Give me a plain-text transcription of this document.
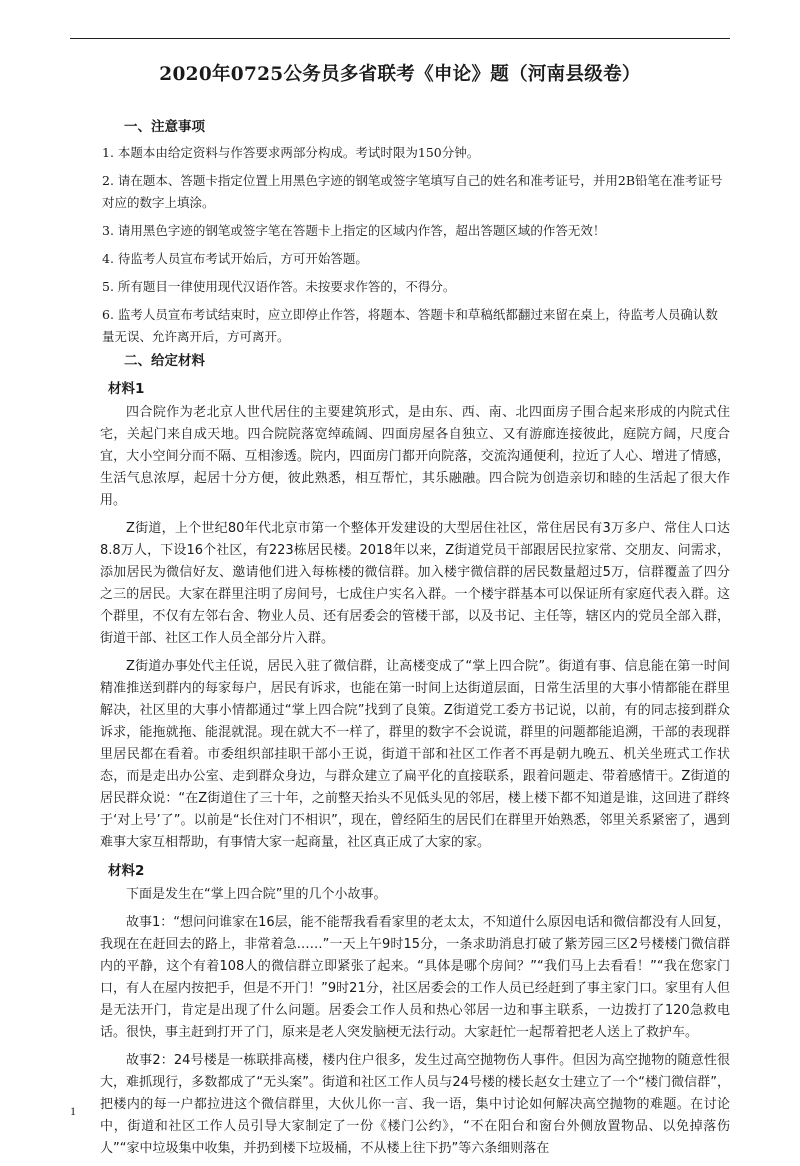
2020年0725公务员多省联考《申论》题（河南县级卷）

一、注意事项

1. 本题本由给定资料与作答要求两部分构成。考试时限为150分钟。

2. 请在题本、答题卡指定位置上用黑色字迹的钢笔或签字笔填写自己的姓名和准考证号，并用2B铅笔在准考证号对应的数字上填涂。

3. 请用黑色字迹的钢笔或签字笔在答题卡上指定的区域内作答，超出答题区域的作答无效！

4. 待监考人员宣布考试开始后，方可开始答题。

5. 所有题目一律使用现代汉语作答。未按要求作答的，不得分。

6. 监考人员宣布考试结束时，应立即停止作答，将题本、答题卡和草稿纸都翻过来留在桌上，待监考人员确认数量无误、允许离开后，方可离开。

二、给定材料

材料1

四合院作为老北京人世代居住的主要建筑形式，是由东、西、南、北四面房子围合起来形成的内院式住宅，关起门来自成天地。四合院院落宽绰疏阔、四面房屋各自独立、又有游廊连接彼此，庭院方阔，尺度合宜，大小空间分而不隔、互相渗透。院内，四面房门都开向院落，交流沟通便利，拉近了人心、增进了情感，生活气息浓厚，起居十分方便，彼此熟悉，相互帮忙，其乐融融。四合院为创造亲切和睦的生活起了很大作用。

Z街道，上个世纪80年代北京市第一个整体开发建设的大型居住社区，常住居民有3万多户、常住人口达8.8万人，下设16个社区，有223栋居民楼。2018年以来，Z街道党员干部跟居民拉家常、交朋友、问需求，添加居民为微信好友、邀请他们进入每栋楼的微信群。加入楼宇微信群的居民数量超过5万，信群覆盖了四分之三的居民。大家在群里注明了房间号，七成住户实名入群。一个楼宇群基本可以保证所有家庭代表入群。这个群里，不仅有左邻右舍、物业人员、还有居委会的管楼干部，以及书记、主任等，辖区内的党员全部入群，街道干部、社区工作人员全部分片入群。

Z街道办事处代主任说，居民入驻了微信群，让高楼变成了“掌上四合院”。街道有事、信息能在第一时间精准推送到群内的每家每户，居民有诉求，也能在第一时间上达街道层面，日常生活里的大事小情都能在群里解决，社区里的大事小情都通过“掌上四合院”找到了良策。Z街道党工委方书记说，以前，有的同志接到群众诉求，能拖就拖、能混就混。现在就大不一样了，群里的数字不会说谎，群里的问题都能追溯，干部的表现群里居民都在看着。市委组织部挂职干部小王说，街道干部和社区工作者不再是朝九晚五、机关坐班式工作状态，而是走出办公室、走到群众身边，与群众建立了扁平化的直接联系，跟着问题走、带着感情干。Z街道的居民群众说：“在Z街道住了三十年，之前整天抬头不见低头见的邻居，楼上楼下都不知道是谁，这回进了群终于‘对上号’了”。以前是“长住对门不相识”，现在，曾经陌生的居民们在群里开始熟悉，邻里关系紧密了，遇到难事大家互相帮助，有事情大家一起商量，社区真正成了大家的家。

材料2

下面是发生在“掌上四合院”里的几个小故事。

故事1：“想问问谁家在16层，能不能帮我看看家里的老太太，不知道什么原因电话和微信都没有人回复，我现在在赶回去的路上，非常着急……”一天上午9时15分，一条求助消息打破了紫芳园三区2号楼楼门微信群内的平静，这个有着108人的微信群立即紧张了起来。“具体是哪个房间？”“我们马上去看看！”“我在您家门口，有人在屋内按把手，但是不开门！”9时21分，社区居委会的工作人员已经赶到了事主家门口。家里有人但是无法开门，肯定是出现了什么问题。居委会工作人员和热心邻居一边和事主联系，一边拨打了120急救电话。很快，事主赶到打开了门，原来是老人突发脑梗无法行动。大家赶忙一起帮着把老人送上了救护车。

故事2：24号楼是一栋联排高楼，楼内住户很多，发生过高空抛物伤人事件。但因为高空抛物的随意性很大，难抓现行，多数都成了“无头案”。街道和社区工作人员与24号楼的楼长赵女士建立了一个“楼门微信群”，把楼内的每一户都拉进这个微信群里，大伙儿你一言、我一语，集中讨论如何解决高空抛物的难题。在讨论中，街道和社区工作人员引导大家制定了一份《楼门公约》，“不在阳台和窗台外侧放置物品、以免掉落伤人”“家中垃圾集中收集，并扔到楼下垃圾桶，不从楼上往下扔”等六条细则落在

1
